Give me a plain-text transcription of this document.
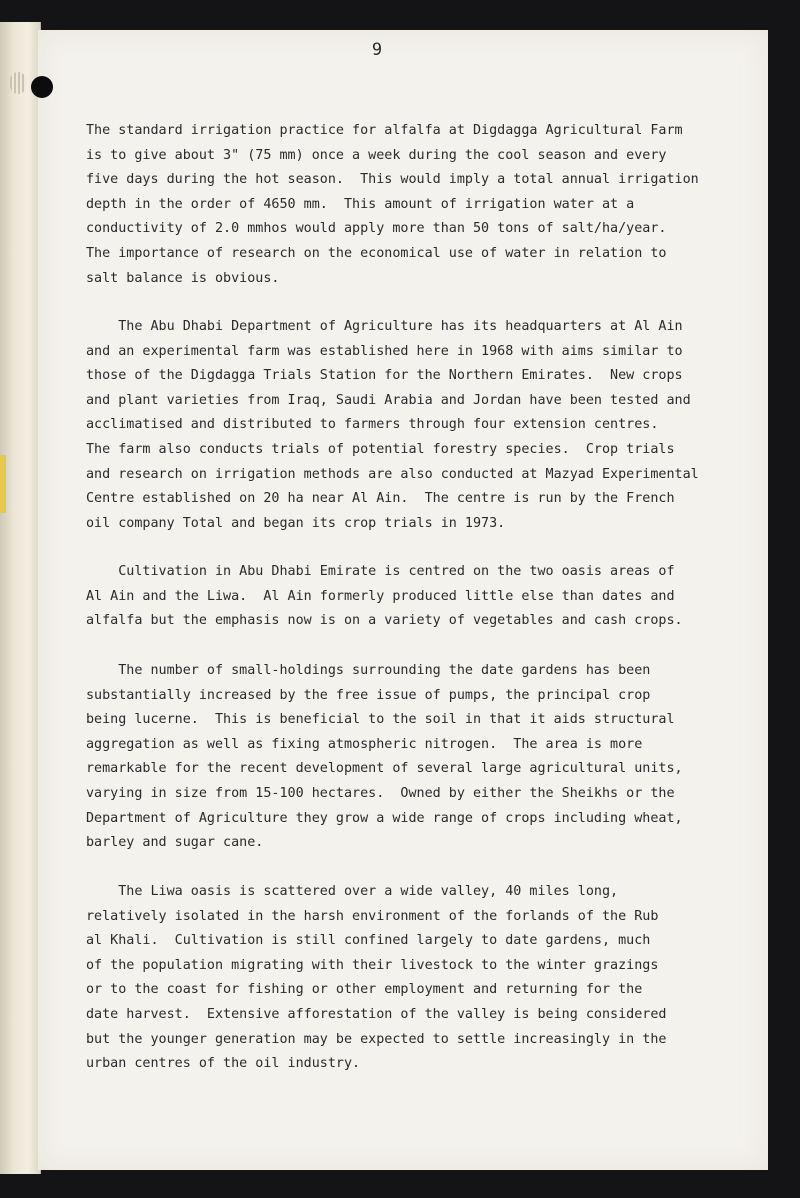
9

The standard irrigation practice for alfalfa at Digdagga Agricultural Farm
is to give about 3" (75 mm) once a week during the cool season and every
five days during the hot season.  This would imply a total annual irrigation
depth in the order of 4650 mm.  This amount of irrigation water at a
conductivity of 2.0 mmhos would apply more than 50 tons of salt/ha/year.
The importance of research on the economical use of water in relation to
salt balance is obvious.

The Abu Dhabi Department of Agriculture has its headquarters at Al Ain
and an experimental farm was established here in 1968 with aims similar to
those of the Digdagga Trials Station for the Northern Emirates.  New crops
and plant varieties from Iraq, Saudi Arabia and Jordan have been tested and
acclimatised and distributed to farmers through four extension centres.
The farm also conducts trials of potential forestry species.  Crop trials
and research on irrigation methods are also conducted at Mazyad Experimental
Centre established on 20 ha near Al Ain.  The centre is run by the French
oil company Total and began its crop trials in 1973.

Cultivation in Abu Dhabi Emirate is centred on the two oasis areas of
Al Ain and the Liwa.  Al Ain formerly produced little else than dates and
alfalfa but the emphasis now is on a variety of vegetables and cash crops.

The number of small-holdings surrounding the date gardens has been
substantially increased by the free issue of pumps, the principal crop
being lucerne.  This is beneficial to the soil in that it aids structural
aggregation as well as fixing atmospheric nitrogen.  The area is more
remarkable for the recent development of several large agricultural units,
varying in size from 15-100 hectares.  Owned by either the Sheikhs or the
Department of Agriculture they grow a wide range of crops including wheat,
barley and sugar cane.

The Liwa oasis is scattered over a wide valley, 40 miles long,
relatively isolated in the harsh environment of the forlands of the Rub
al Khali.  Cultivation is still confined largely to date gardens, much
of the population migrating with their livestock to the winter grazings
or to the coast for fishing or other employment and returning for the
date harvest.  Extensive afforestation of the valley is being considered
but the younger generation may be expected to settle increasingly in the
urban centres of the oil industry.
